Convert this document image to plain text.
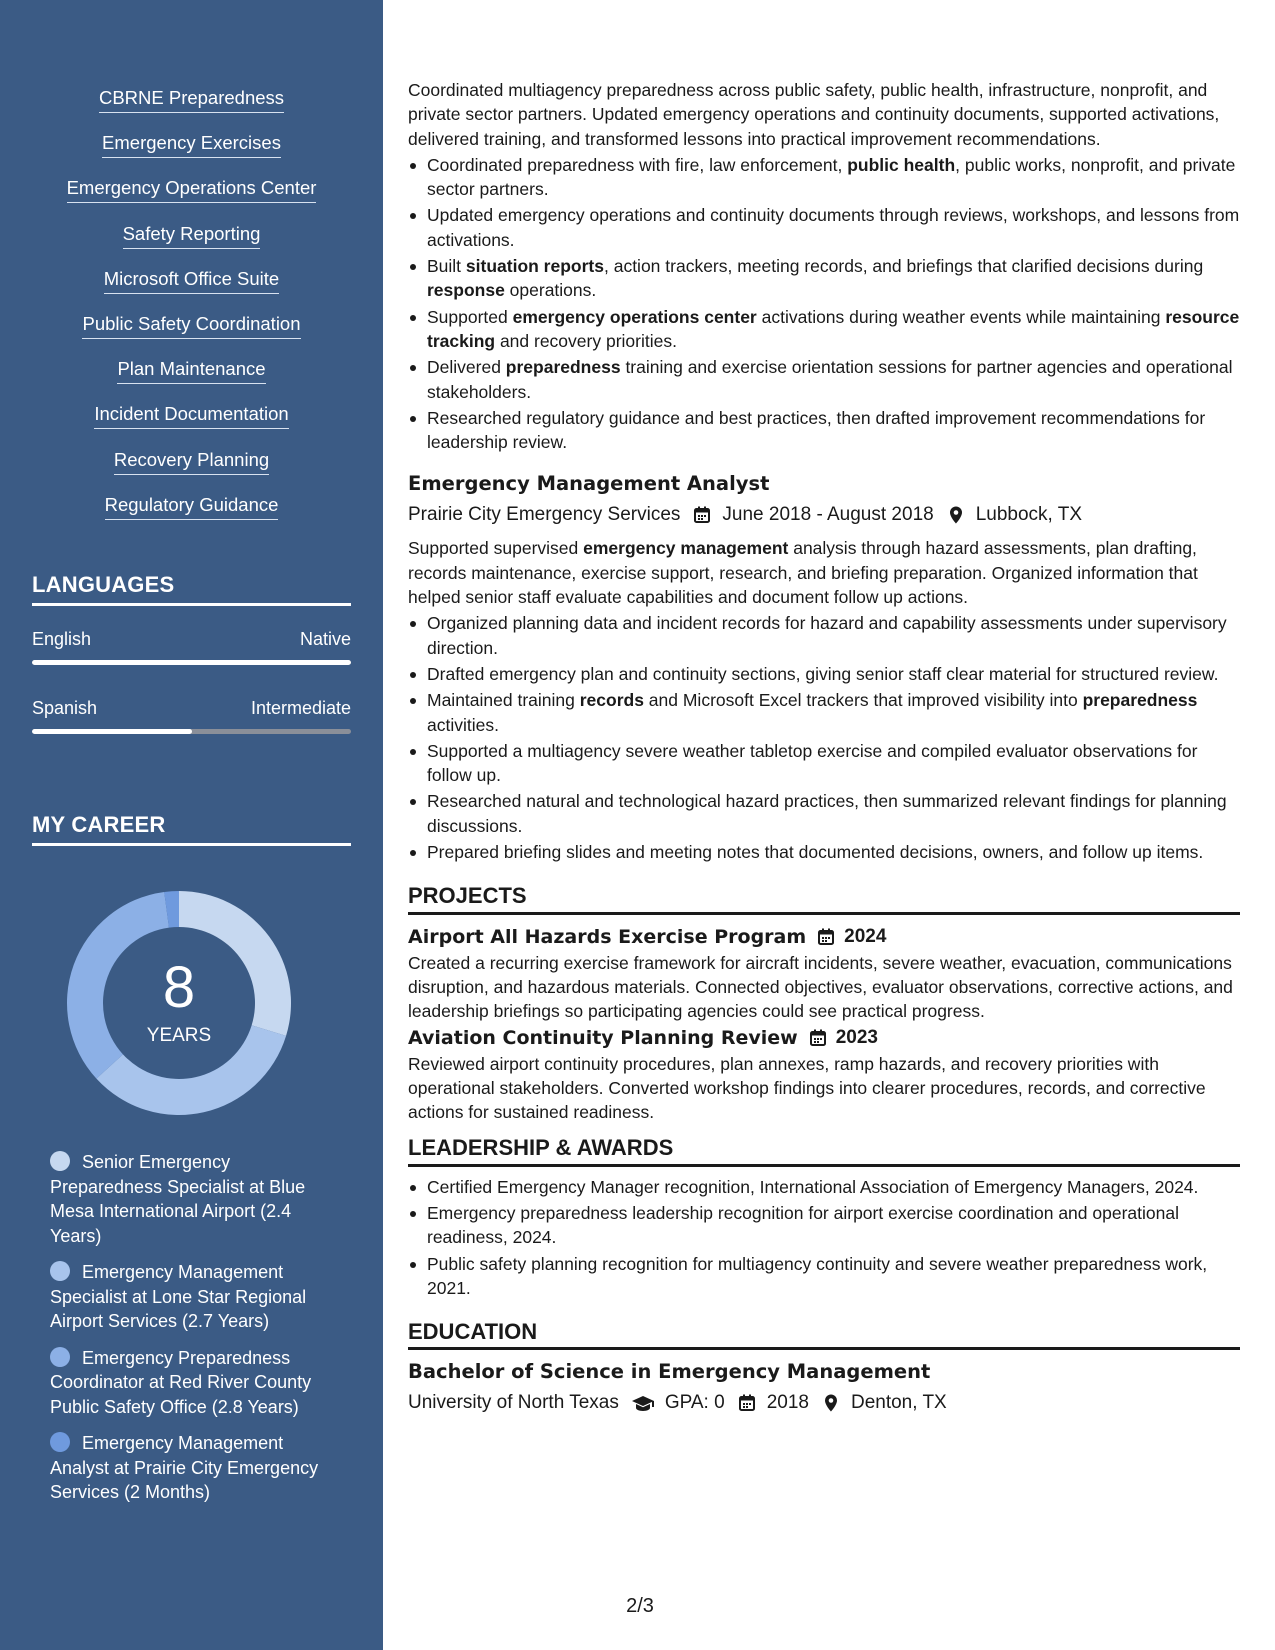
CBRNE Preparedness
Emergency Exercises
Emergency Operations Center
Safety Reporting
Microsoft Office Suite
Public Safety Coordination
Plan Maintenance
Incident Documentation
Recovery Planning
Regulatory Guidance
LANGUAGES
English	Native
Spanish	Intermediate
MY CAREER
8
YEARS
Senior Emergency Preparedness Specialist at Blue Mesa International Airport (2.4 Years)
Emergency Management Specialist at Lone Star Regional Airport Services (2.7 Years)
Emergency Preparedness Coordinator at Red River County Public Safety Office (2.8 Years)
Emergency Management Analyst at Prairie City Emergency Services (2 Months)

Coordinated multiagency preparedness across public safety, public health, infrastructure, nonprofit, and private sector partners. Updated emergency operations and continuity documents, supported activations, delivered training, and transformed lessons into practical improvement recommendations.

Coordinated preparedness with fire, law enforcement, public health, public works, nonprofit, and private sector partners.
Updated emergency operations and continuity documents through reviews, workshops, and lessons from activations.
Built situation reports, action trackers, meeting records, and briefings that clarified decisions during response operations.
Supported emergency operations center activations during weather events while maintaining resource tracking and recovery priorities.
Delivered preparedness training and exercise orientation sessions for partner agencies and operational stakeholders.
Researched regulatory guidance and best practices, then drafted improvement recommendations for leadership review.
Emergency Management Analyst
Prairie City Emergency Services June 2018 - August 2018 Lubbock, TX

Supported supervised emergency management analysis through hazard assessments, plan drafting, records maintenance, exercise support, research, and briefing preparation. Organized information that helped senior staff evaluate capabilities and document follow up actions.

Organized planning data and incident records for hazard and capability assessments under supervisory direction.
Drafted emergency plan and continuity sections, giving senior staff clear material for structured review.
Maintained training records and Microsoft Excel trackers that improved visibility into preparedness activities.
Supported a multiagency severe weather tabletop exercise and compiled evaluator observations for follow up.
Researched natural and technological hazard practices, then summarized relevant findings for planning discussions.
Prepared briefing slides and meeting notes that documented decisions, owners, and follow up items.
PROJECTS
Airport All Hazards Exercise Program 2024

Created a recurring exercise framework for aircraft incidents, severe weather, evacuation, communications disruption, and hazardous materials. Connected objectives, evaluator observations, corrective actions, and leadership briefings so participating agencies could see practical progress.

Aviation Continuity Planning Review 2023

Reviewed airport continuity procedures, plan annexes, ramp hazards, and recovery priorities with operational stakeholders. Converted workshop findings into clearer procedures, records, and corrective actions for sustained readiness.

LEADERSHIP & AWARDS
Certified Emergency Manager recognition, International Association of Emergency Managers, 2024.
Emergency preparedness leadership recognition for airport exercise coordination and operational readiness, 2024.
Public safety planning recognition for multiagency continuity and severe weather preparedness work, 2021.
EDUCATION
Bachelor of Science in Emergency Management
University of North Texas GPA: 0 2018 Denton, TX
2/3
